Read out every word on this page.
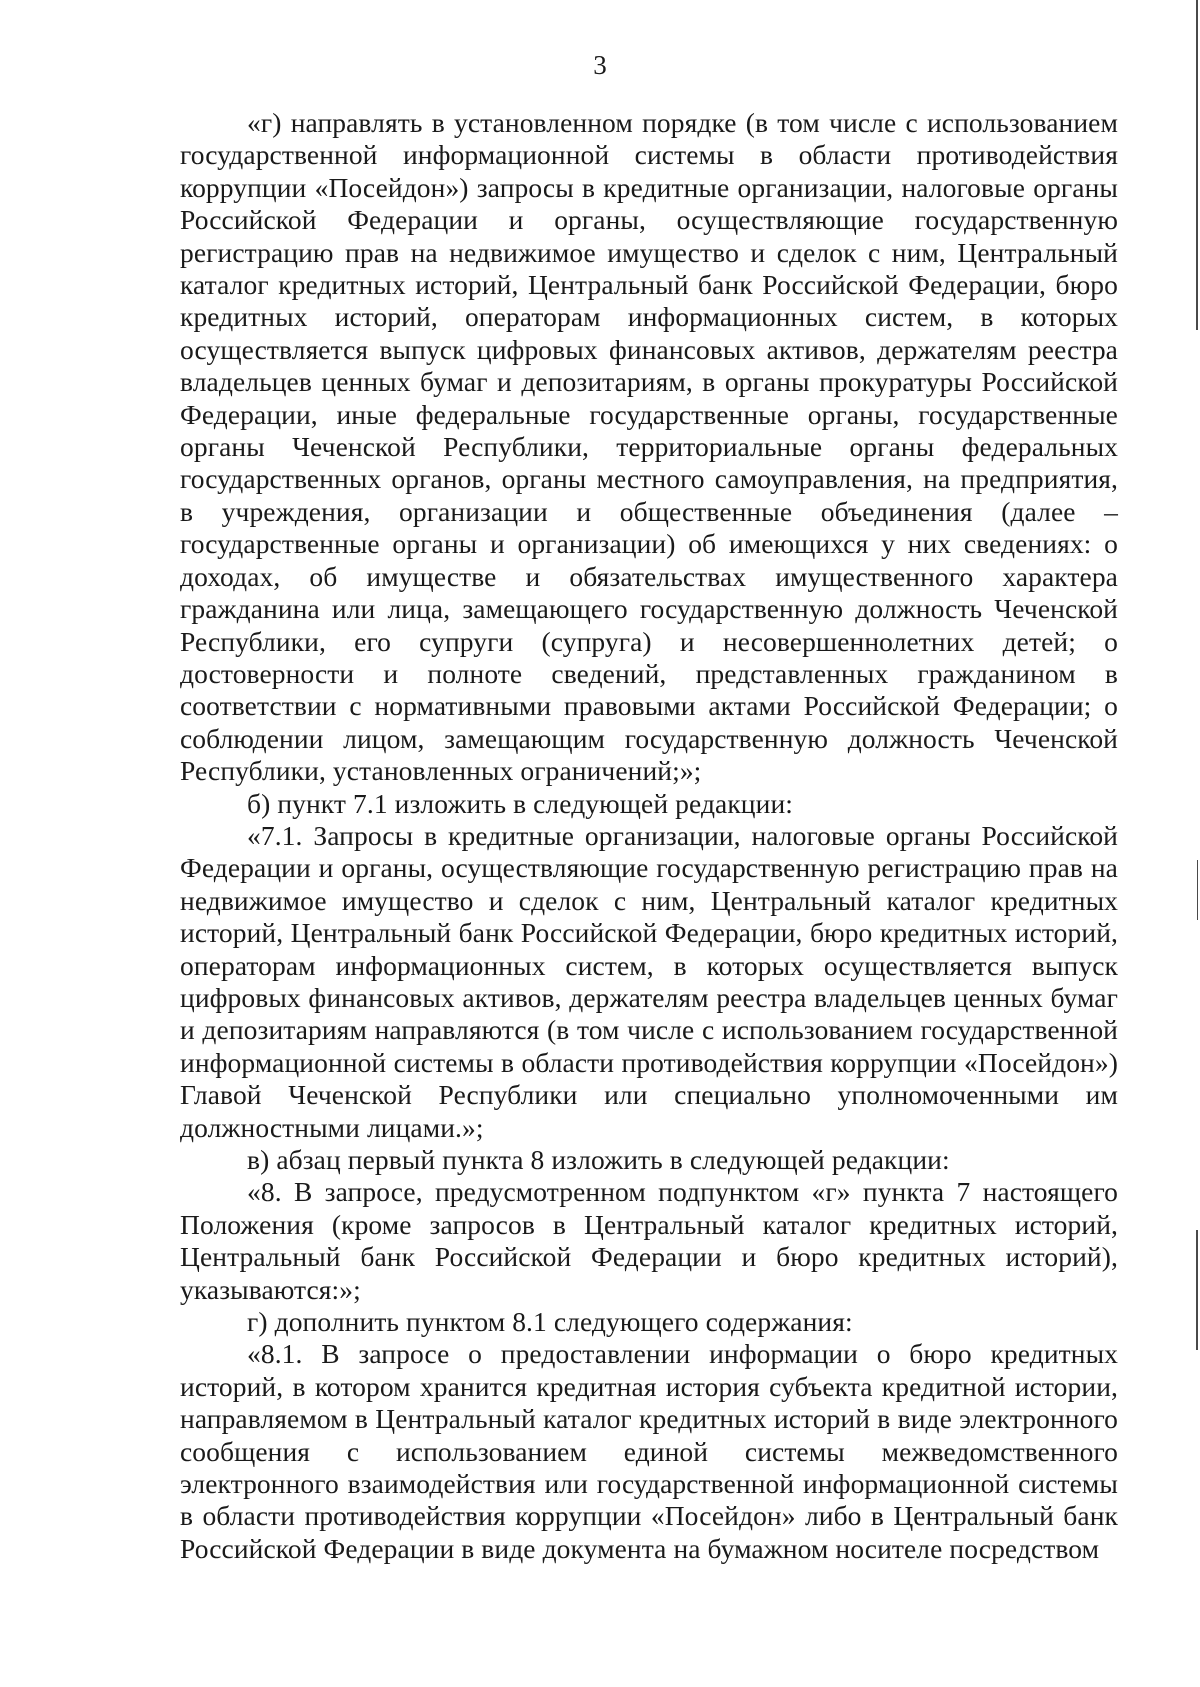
3

«г) направлять в установленном порядке (в том числе с использованием государственной информационной системы в области противодействия коррупции «Посейдон») запросы в кредитные организации, налоговые органы Российской Федерации и органы, осуществляющие государственную регистрацию прав на недвижимое имущество и сделок с ним, Центральный каталог кредитных историй, Центральный банк Российской Федерации, бюро кредитных историй, операторам информационных систем, в которых осуществляется выпуск цифровых финансовых активов, держателям реестра владельцев ценных бумаг и депозитариям, в органы прокуратуры Российской Федерации, иные федеральные государственные органы, государственные органы Чеченской Республики, территориальные органы федеральных государственных органов, органы местного самоуправления, на предприятия, в учреждения, организации и общественные объединения (далее – государственные органы и организации) об имеющихся у них сведениях: о доходах, об имуществе и обязательствах имущественного характера гражданина или лица, замещающего государственную должность Чеченской Республики, его супруги (супруга) и несовершеннолетних детей; о достоверности и полноте сведений, представленных гражданином в соответствии с нормативными правовыми актами Российской Федерации; о соблюдении лицом, замещающим государственную должность Чеченской Республики, установленных ограничений;»;

б) пункт 7.1 изложить в следующей редакции:

«7.1. Запросы в кредитные организации, налоговые органы Российской Федерации и органы, осуществляющие государственную регистрацию прав на недвижимое имущество и сделок с ним, Центральный каталог кредитных историй, Центральный банк Российской Федерации, бюро кредитных историй, операторам информационных систем, в которых осуществляется выпуск цифровых финансовых активов, держателям реестра владельцев ценных бумаг и депозитариям направляются (в том числе с использованием государственной информационной системы в области противодействия коррупции «Посейдон») Главой Чеченской Республики или специально уполномоченными им должностными лицами.»;

в) абзац первый пункта 8 изложить в следующей редакции:

«8. В запросе, предусмотренном подпунктом «г» пункта 7 настоящего Положения (кроме запросов в Центральный каталог кредитных историй, Центральный банк Российской Федерации и бюро кредитных историй), указываются:»;

г) дополнить пунктом 8.1 следующего содержания:

«8.1. В запросе о предоставлении информации о бюро кредитных историй, в котором хранится кредитная история субъекта кредитной истории, направляемом в Центральный каталог кредитных историй в виде электронного сообщения с использованием единой системы межведомственного электронного взаимодействия или государственной информационной системы в области противодействия коррупции «Посейдон» либо в Центральный банк Российской Федерации в виде документа на бумажном носителе посредством
